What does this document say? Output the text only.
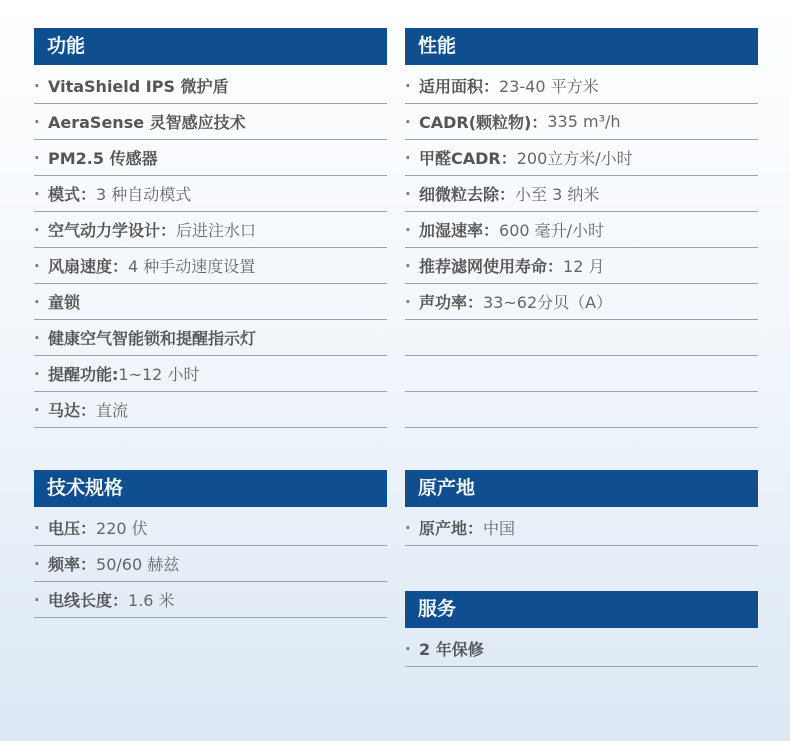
功能
· VitaShield IPS 微护盾
· AeraSense 灵智感应技术
· PM2.5 传感器
· 模式： 3 种自动模式
· 空气动力学设计： 后进注水口
· 风扇速度： 4 种手动速度设置
· 童锁
· 健康空气智能锁和提醒指示灯
· 提醒功能: 1~12 小时
· 马达： 直流
性能
· 适用面积： 23-40 平方米
· CADR(颗粒物)： 335 m³/h
· 甲醛CADR： 200立方米/小时
· 细微粒去除： 小至 3 纳米
· 加湿速率： 600 毫升/小时
· 推荐滤网使用寿命： 12 月
· 声功率： 33~62分贝（A）
技术规格
· 电压： 220 伏
· 频率： 50/60 赫兹
· 电线长度： 1.6 米
原产地
· 原产地： 中国
服务
· 2 年保修
